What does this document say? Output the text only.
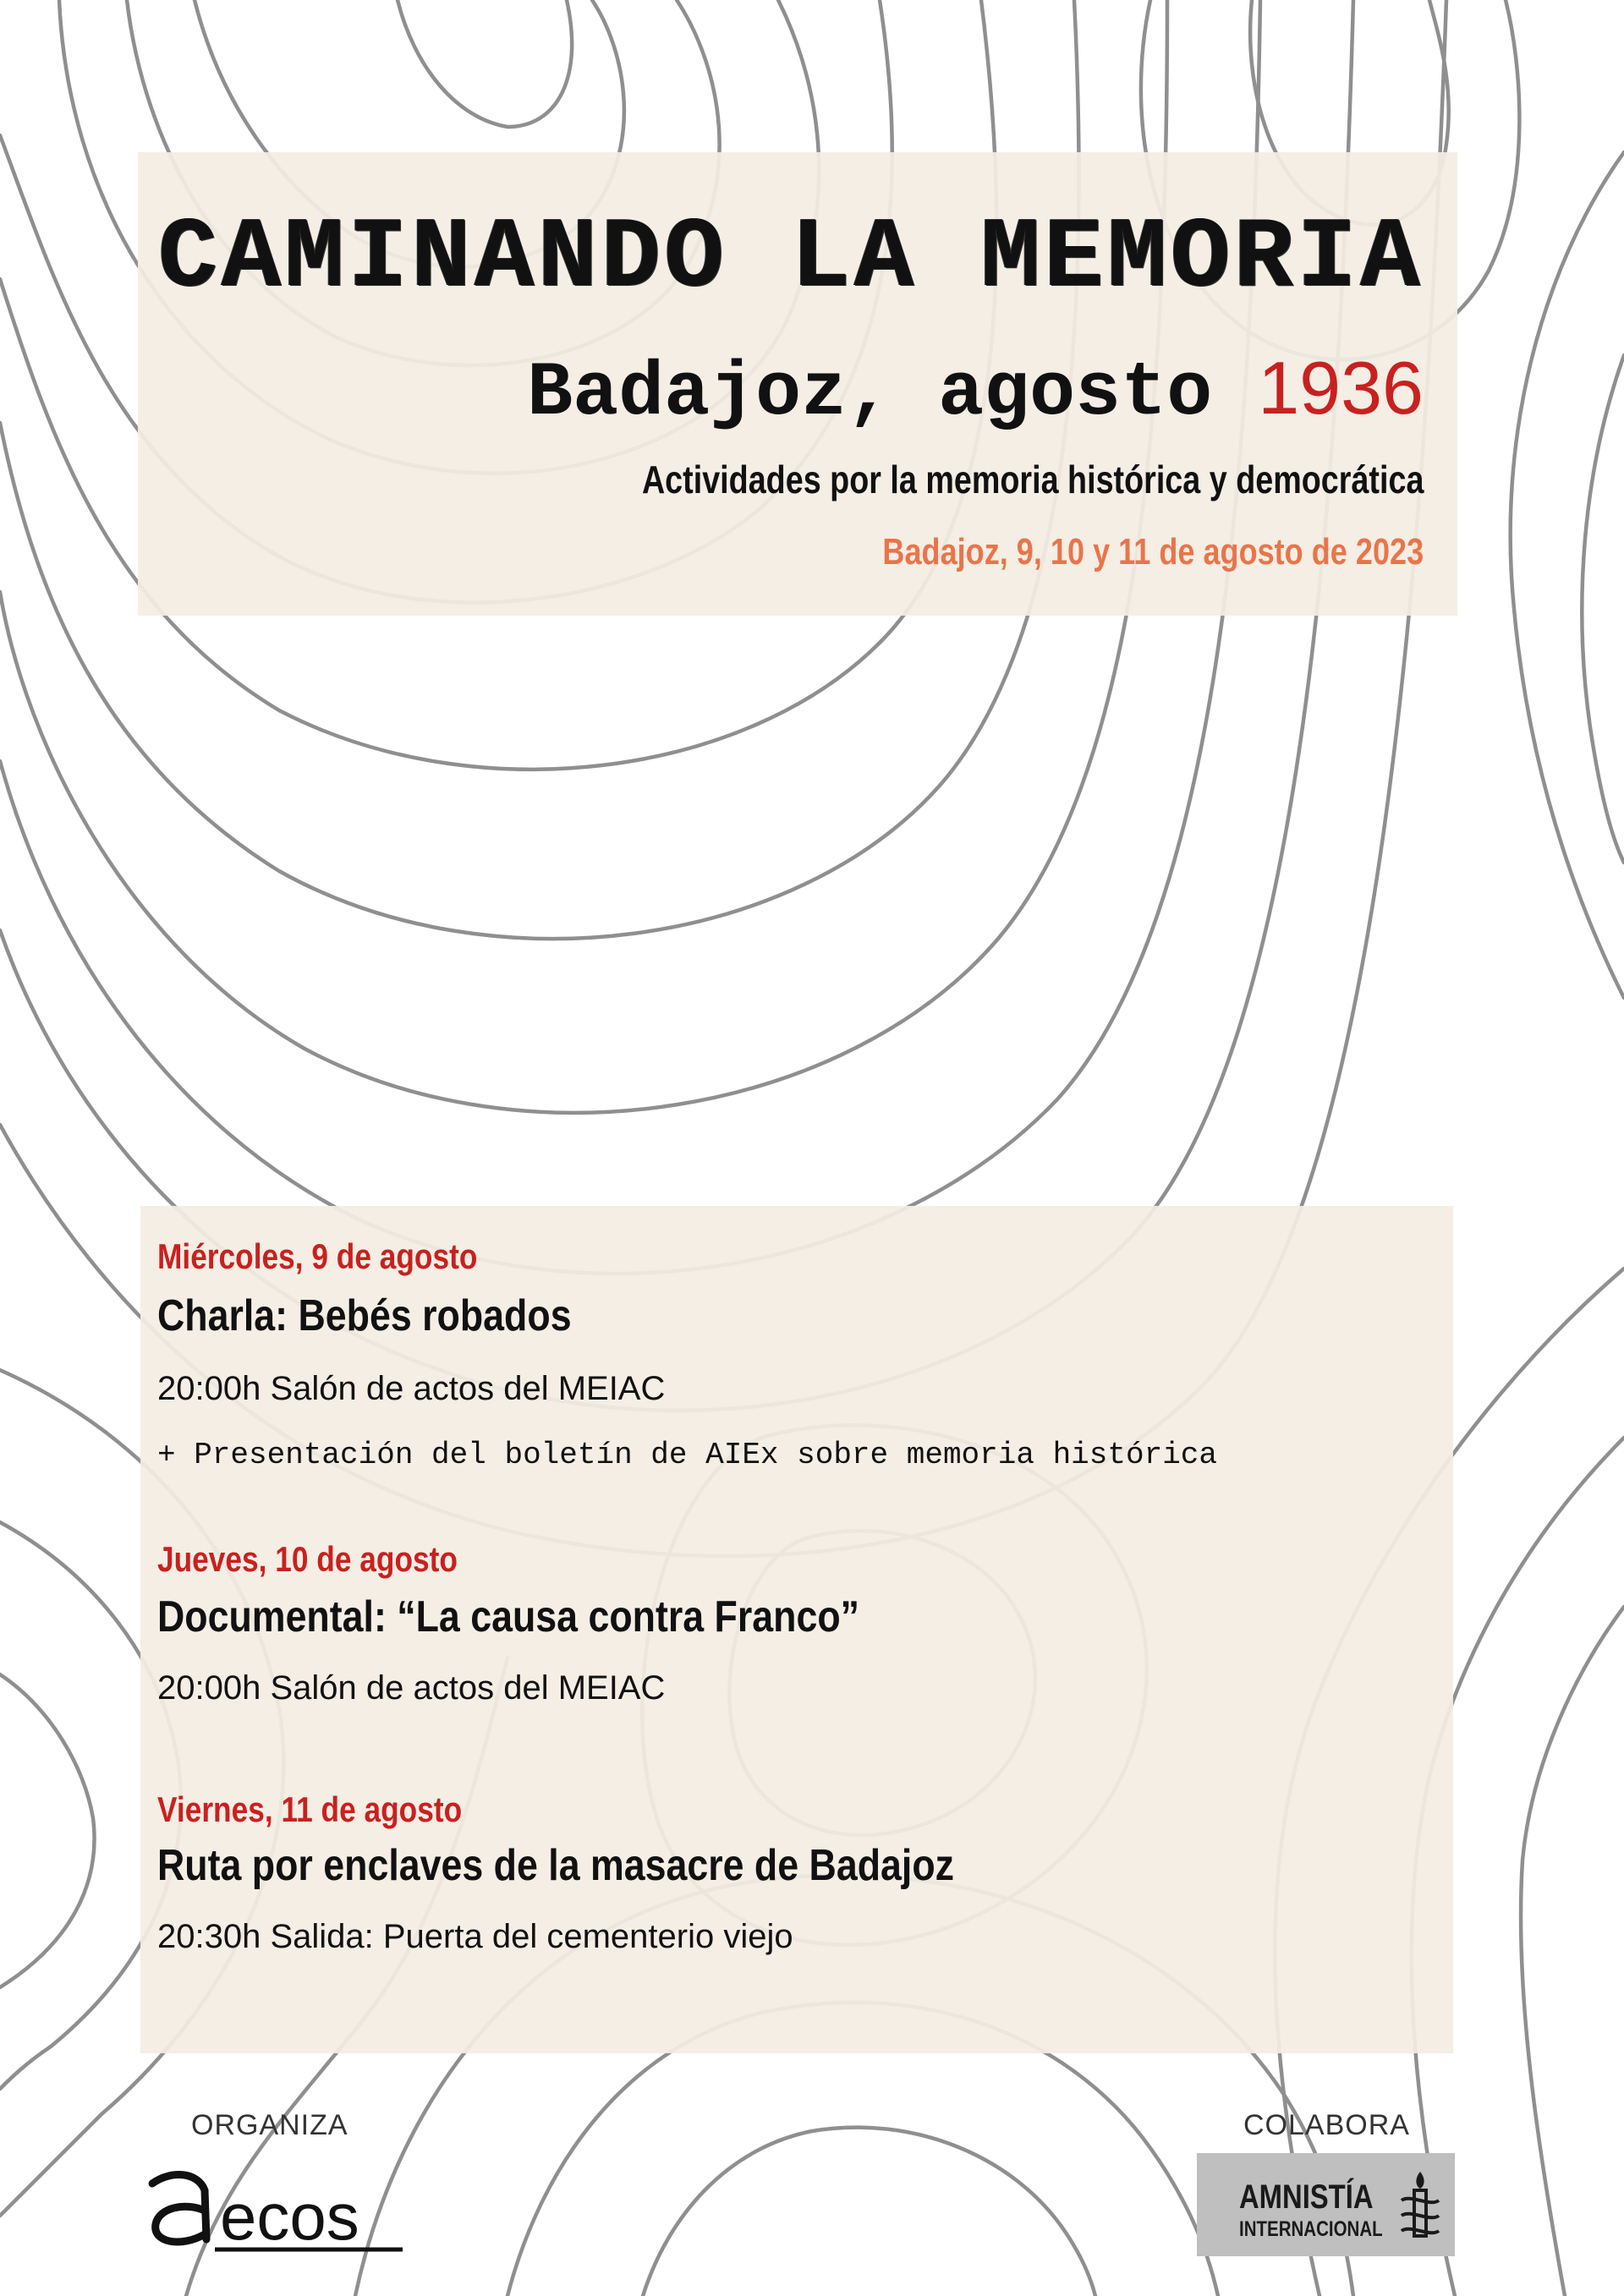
CAMINANDO LA MEMORIA
Badajoz, agosto 1936
Actividades por la memoria histórica y democrática
Badajoz, 9, 10 y 11 de agosto de 2023
Miércoles, 9 de agosto
Charla: Bebés robados
20:00h Salón de actos del MEIAC
+ Presentación del boletín de AIEx sobre memoria histórica
Jueves, 10 de agosto
Documental: “La causa contra Franco”
20:00h Salón de actos del MEIAC
Viernes, 11 de agosto
Ruta por enclaves de la masacre de Badajoz
20:30h Salida: Puerta del cementerio viejo
ORGANIZA
ecos
COLABORA
AMNISTÍA
INTERNACIONAL
